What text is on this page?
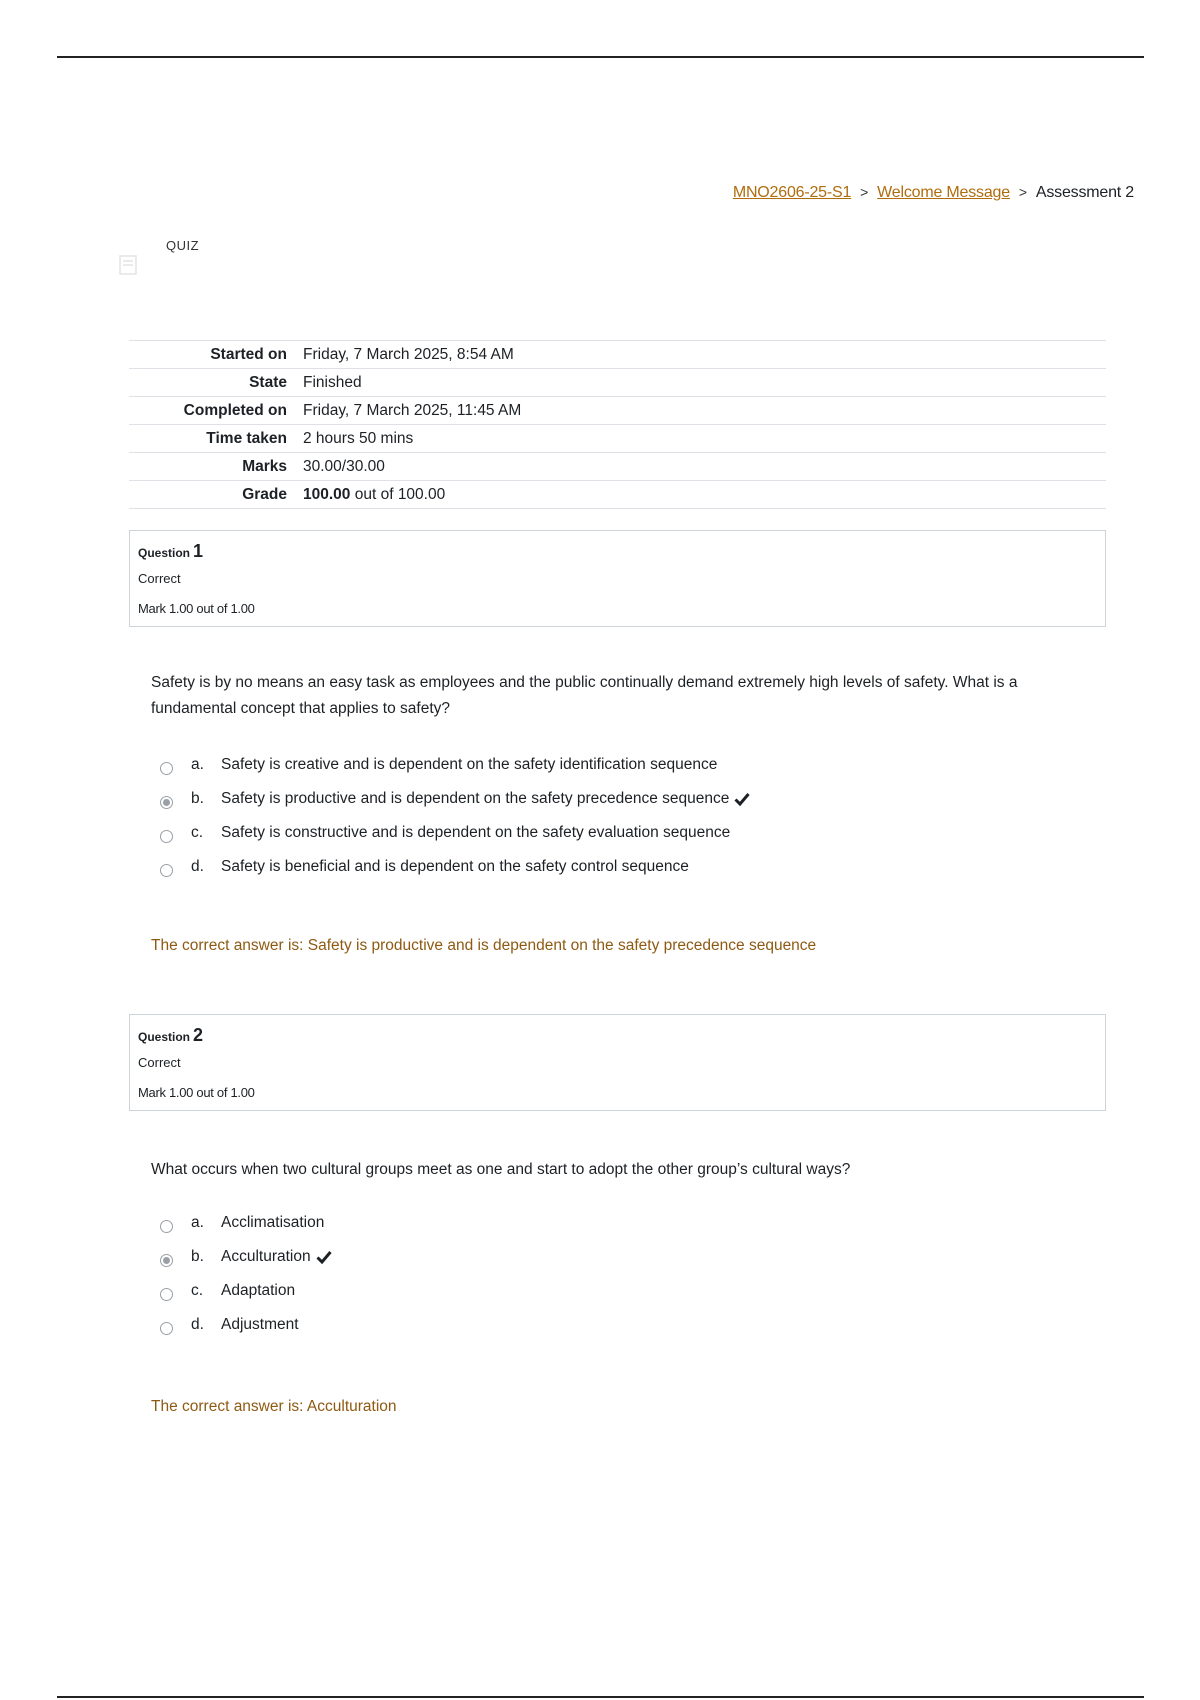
MNO2606-25-S1 > Welcome Message > Assessment 2
QUIZ
Started on	Friday, 7 March 2025, 8:54 AM
State	Finished
Completed on	Friday, 7 March 2025, 11:45 AM
Time taken	2 hours 50 mins
Marks	30.00/30.00
Grade	100.00 out of 100.00
Question 1
Correct
Mark 1.00 out of 1.00
Safety is by no means an easy task as employees and the public continually demand extremely high levels of safety. What is a fundamental concept that applies to safety?
a.	Safety is creative and is dependent on the safety identification sequence
b.	Safety is productive and is dependent on the safety precedence sequence
c.	Safety is constructive and is dependent on the safety evaluation sequence
d.	Safety is beneficial and is dependent on the safety control sequence
The correct answer is: Safety is productive and is dependent on the safety precedence sequence
Question 2
Correct
Mark 1.00 out of 1.00
What occurs when two cultural groups meet as one and start to adopt the other group’s cultural ways?
a.	Acclimatisation
b.	Acculturation
c.	Adaptation
d.	Adjustment
The correct answer is: Acculturation
